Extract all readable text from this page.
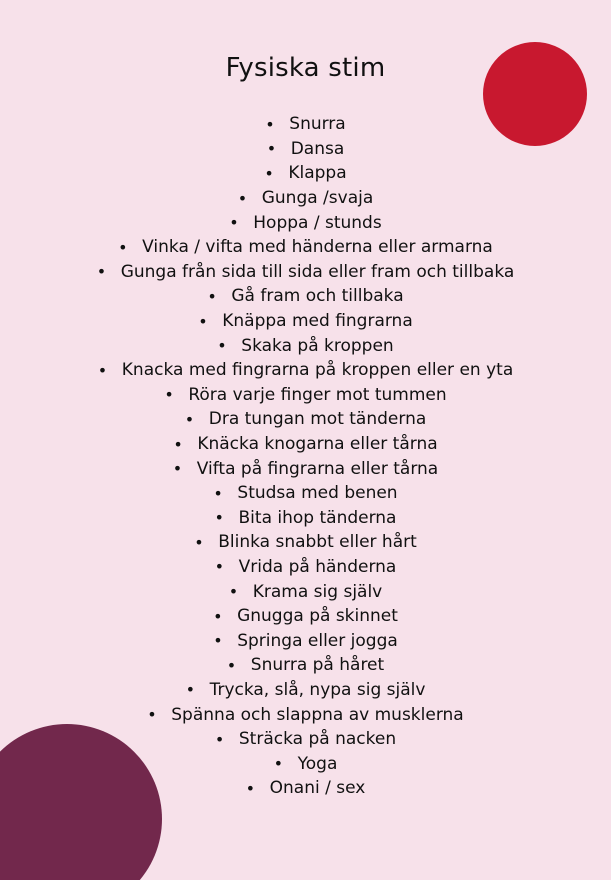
Fysiska stim
• Snurra
• Dansa
• Klappa
• Gunga /svaja
• Hoppa / stunds
• Vinka / vifta med händerna eller armarna
• Gunga från sida till sida eller fram och tillbaka
• Gå fram och tillbaka
• Knäppa med fingrarna
• Skaka på kroppen
• Knacka med fingrarna på kroppen eller en yta
• Röra varje finger mot tummen
• Dra tungan mot tänderna
• Knäcka knogarna eller tårna
• Vifta på fingrarna eller tårna
• Studsa med benen
• Bita ihop tänderna
• Blinka snabbt eller hårt
• Vrida på händerna
• Krama sig själv
• Gnugga på skinnet
• Springa eller jogga
• Snurra på håret
• Trycka, slå, nypa sig själv
• Spänna och slappna av musklerna
• Sträcka på nacken
• Yoga
• Onani / sex
